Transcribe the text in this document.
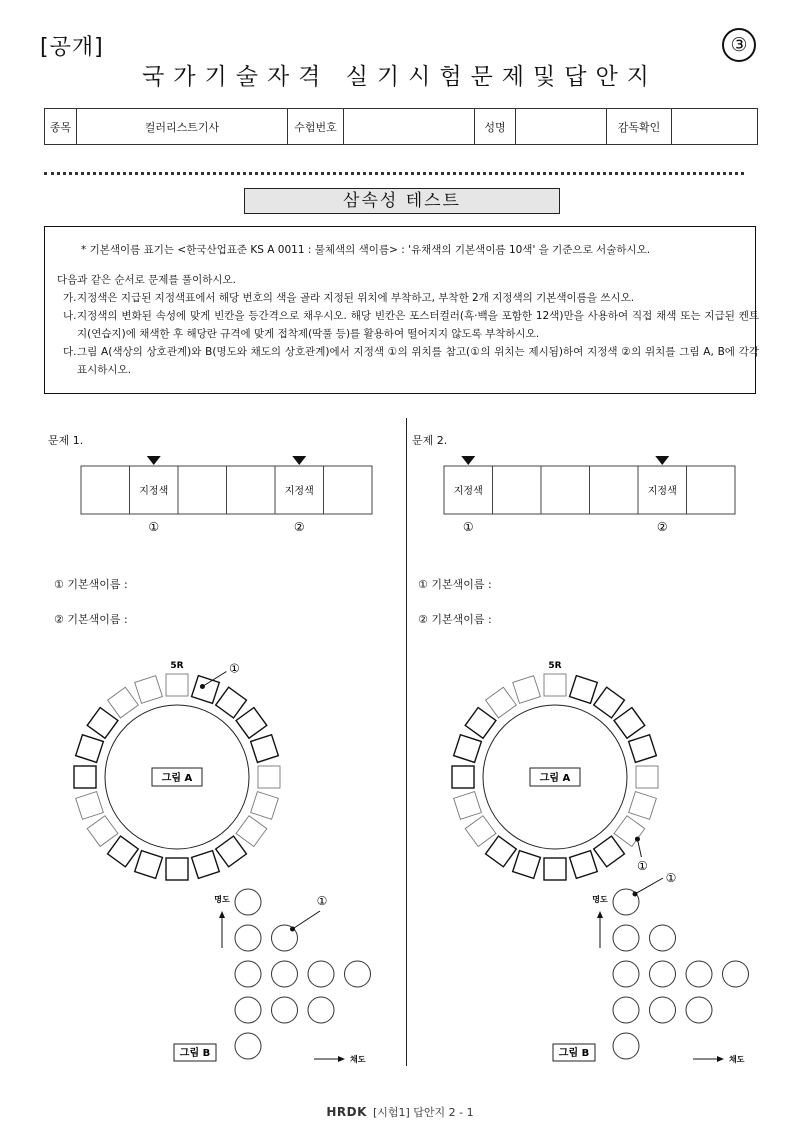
[공개]	③
국가기술자격 실기시험문제및답안지
종목	컬러리스트기사	수험번호		성명		감독확인	
삼속성 테스트
* 기본색이름 표기는 <한국산업표준 KS A 0011 : 물체색의 색이름> : '유채색의 기본색이름 10색' 을 기준으로 서술하시오.
다음과 같은 순서로 문제를 풀이하시오.
가. 지정색은 지급된 지정색표에서 해당 번호의 색을 골라 지정된 위치에 부착하고, 부착한 2개 지정색의 기본색이름을 쓰시오.
나. 지정색의 변화된 속성에 맞게 빈칸을 등간격으로 채우시오. 해당 빈칸은 포스터컬러(흑·백을 포함한 12색)만을 사용하여 직접 채색 또는 지급된 켄트지(연습지)에 채색한 후 해당란 규격에 맞게 접착제(딱풀 등)를 활용하여 떨어지지 않도록 부착하시오.
다. 그림 A(색상의 상호관계)와 B(명도와 채도의 상호관계)에서 지정색 ①의 위치를 참고(①의 위치는 제시됨)하여 지정색 ②의 위치를 그림 A, B에 각각 표시하시오.
문제 1.
① 기본색이름 :
② 기본색이름 :
문제 2.
① 기본색이름 :
② 기본색이름 :
지정색	지정색
①	②
5R
그림 A
①
①
명도
채도
그림 B
지정색	지정색
①	②
5R
그림 A
①
①
명도
채도
그림 B
HRDK [시험1] 답안지 2 - 1
